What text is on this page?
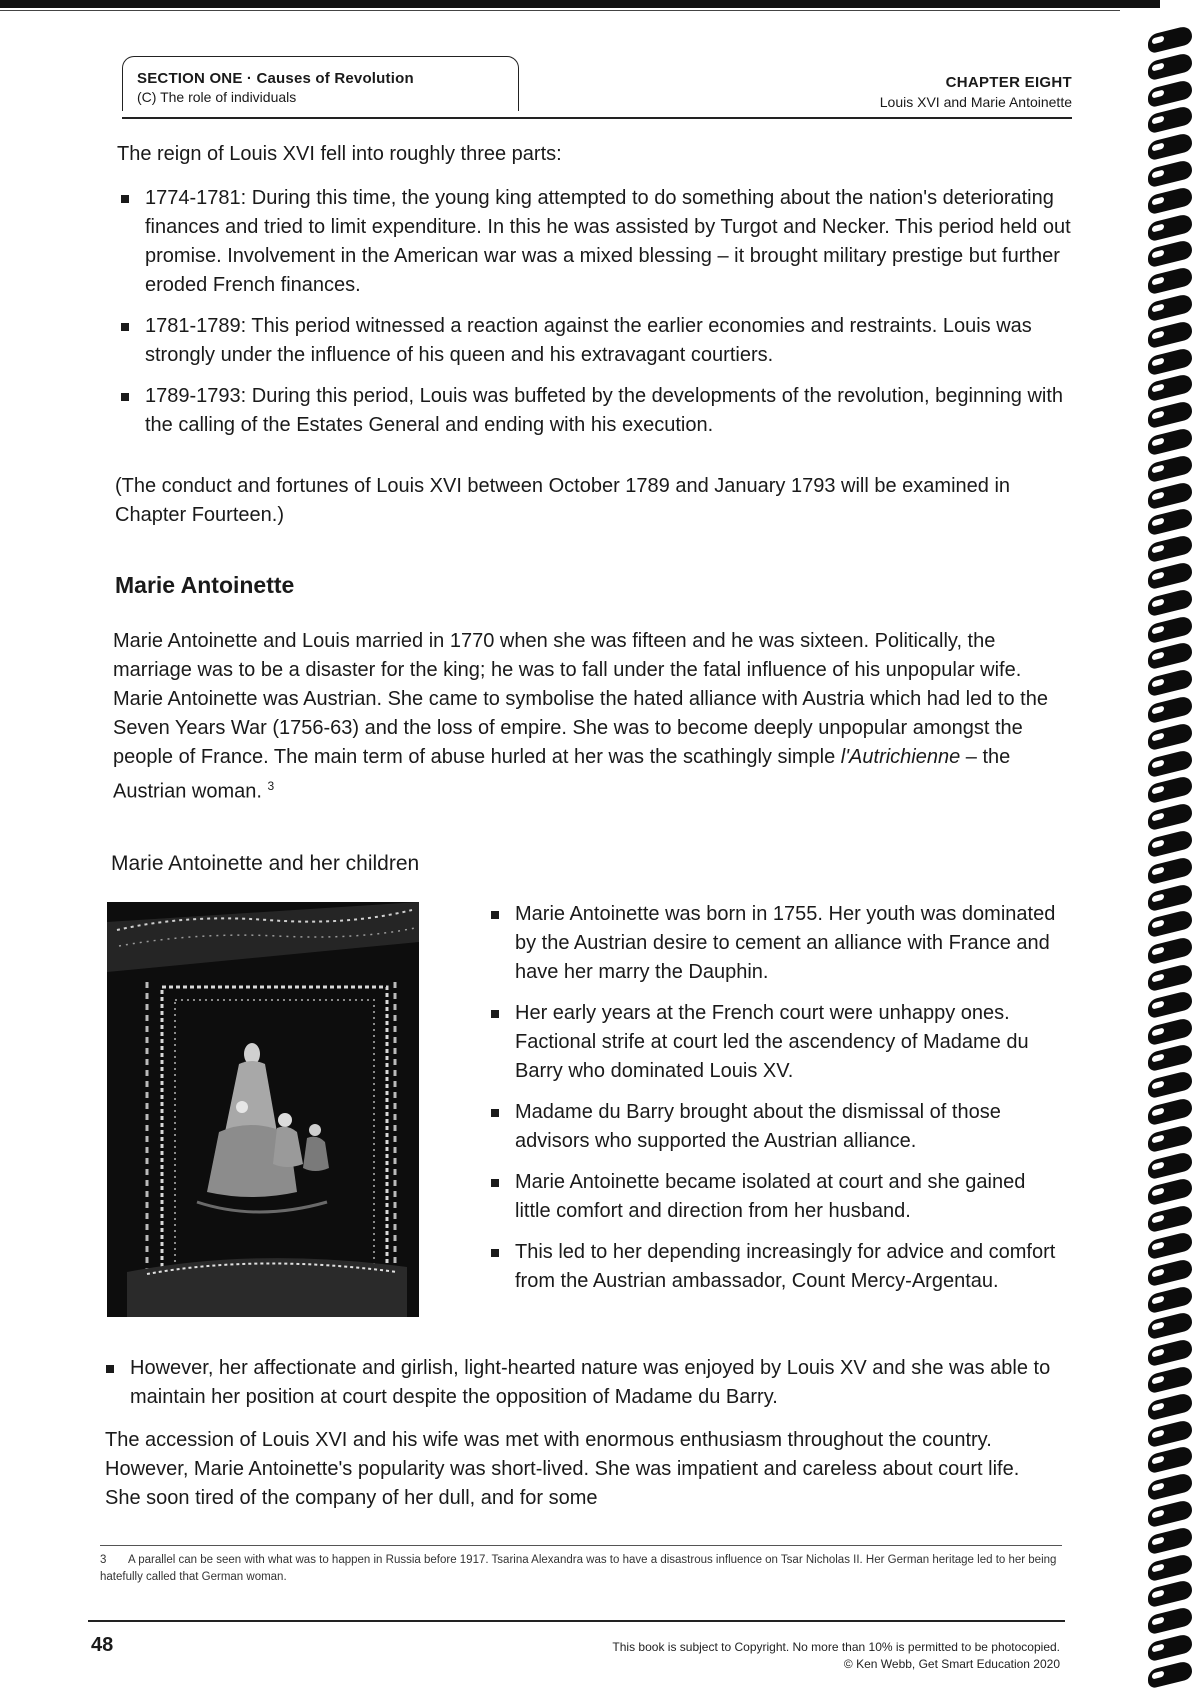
SECTION ONE · Causes of Revolution
(C) The role of individuals
CHAPTER EIGHT
Louis XVI and Marie Antoinette
The reign of Louis XVI fell into roughly three parts:
1774-1781: During this time, the young king attempted to do something about the nation's deteriorating finances and tried to limit expenditure. In this he was assisted by Turgot and Necker. This period held out promise. Involvement in the American war was a mixed blessing – it brought military prestige but further eroded French finances.
1781-1789: This period witnessed a reaction against the earlier economies and restraints. Louis was strongly under the influence of his queen and his extravagant courtiers.
1789-1793: During this period, Louis was buffeted by the developments of the revolution, beginning with the calling of the Estates General and ending with his execution.
(The conduct and fortunes of Louis XVI between October 1789 and January 1793 will be examined in Chapter Fourteen.)
Marie Antoinette
Marie Antoinette and Louis married in 1770 when she was fifteen and he was sixteen. Politically, the marriage was to be a disaster for the king; he was to fall under the fatal influence of his unpopular wife. Marie Antoinette was Austrian. She came to symbolise the hated alliance with Austria which had led to the Seven Years War (1756-63) and the loss of empire. She was to become deeply unpopular amongst the people of France. The main term of abuse hurled at her was the scathingly simple l'Autrichienne – the Austrian woman. $^3$
Marie Antoinette and her children
Marie Antoinette was born in 1755. Her youth was dominated by the Austrian desire to cement an alliance with France and have her marry the Dauphin.
Her early years at the French court were unhappy ones. Factional strife at court led the ascendency of Madame du Barry who dominated Louis XV.
Madame du Barry brought about the dismissal of those advisors who supported the Austrian alliance.
Marie Antoinette became isolated at court and she gained little comfort and direction from her husband.
This led to her depending increasingly for advice and comfort from the Austrian ambassador, Count Mercy-Argentau.
However, her affectionate and girlish, light-hearted nature was enjoyed by Louis XV and she was able to maintain her position at court despite the opposition of Madame du Barry.
The accession of Louis XVI and his wife was met with enormous enthusiasm throughout the country. However, Marie Antoinette's popularity was short-lived. She was impatient and careless about court life. She soon tired of the company of her dull, and for some
3 A parallel can be seen with what was to happen in Russia before 1917. Tsarina Alexandra was to have a disastrous influence on Tsar Nicholas II. Her German heritage led to her being hatefully called that German woman.
48	This book is subject to Copyright. No more than 10% is permitted to be photocopied.
© Ken Webb, Get Smart Education 2020
